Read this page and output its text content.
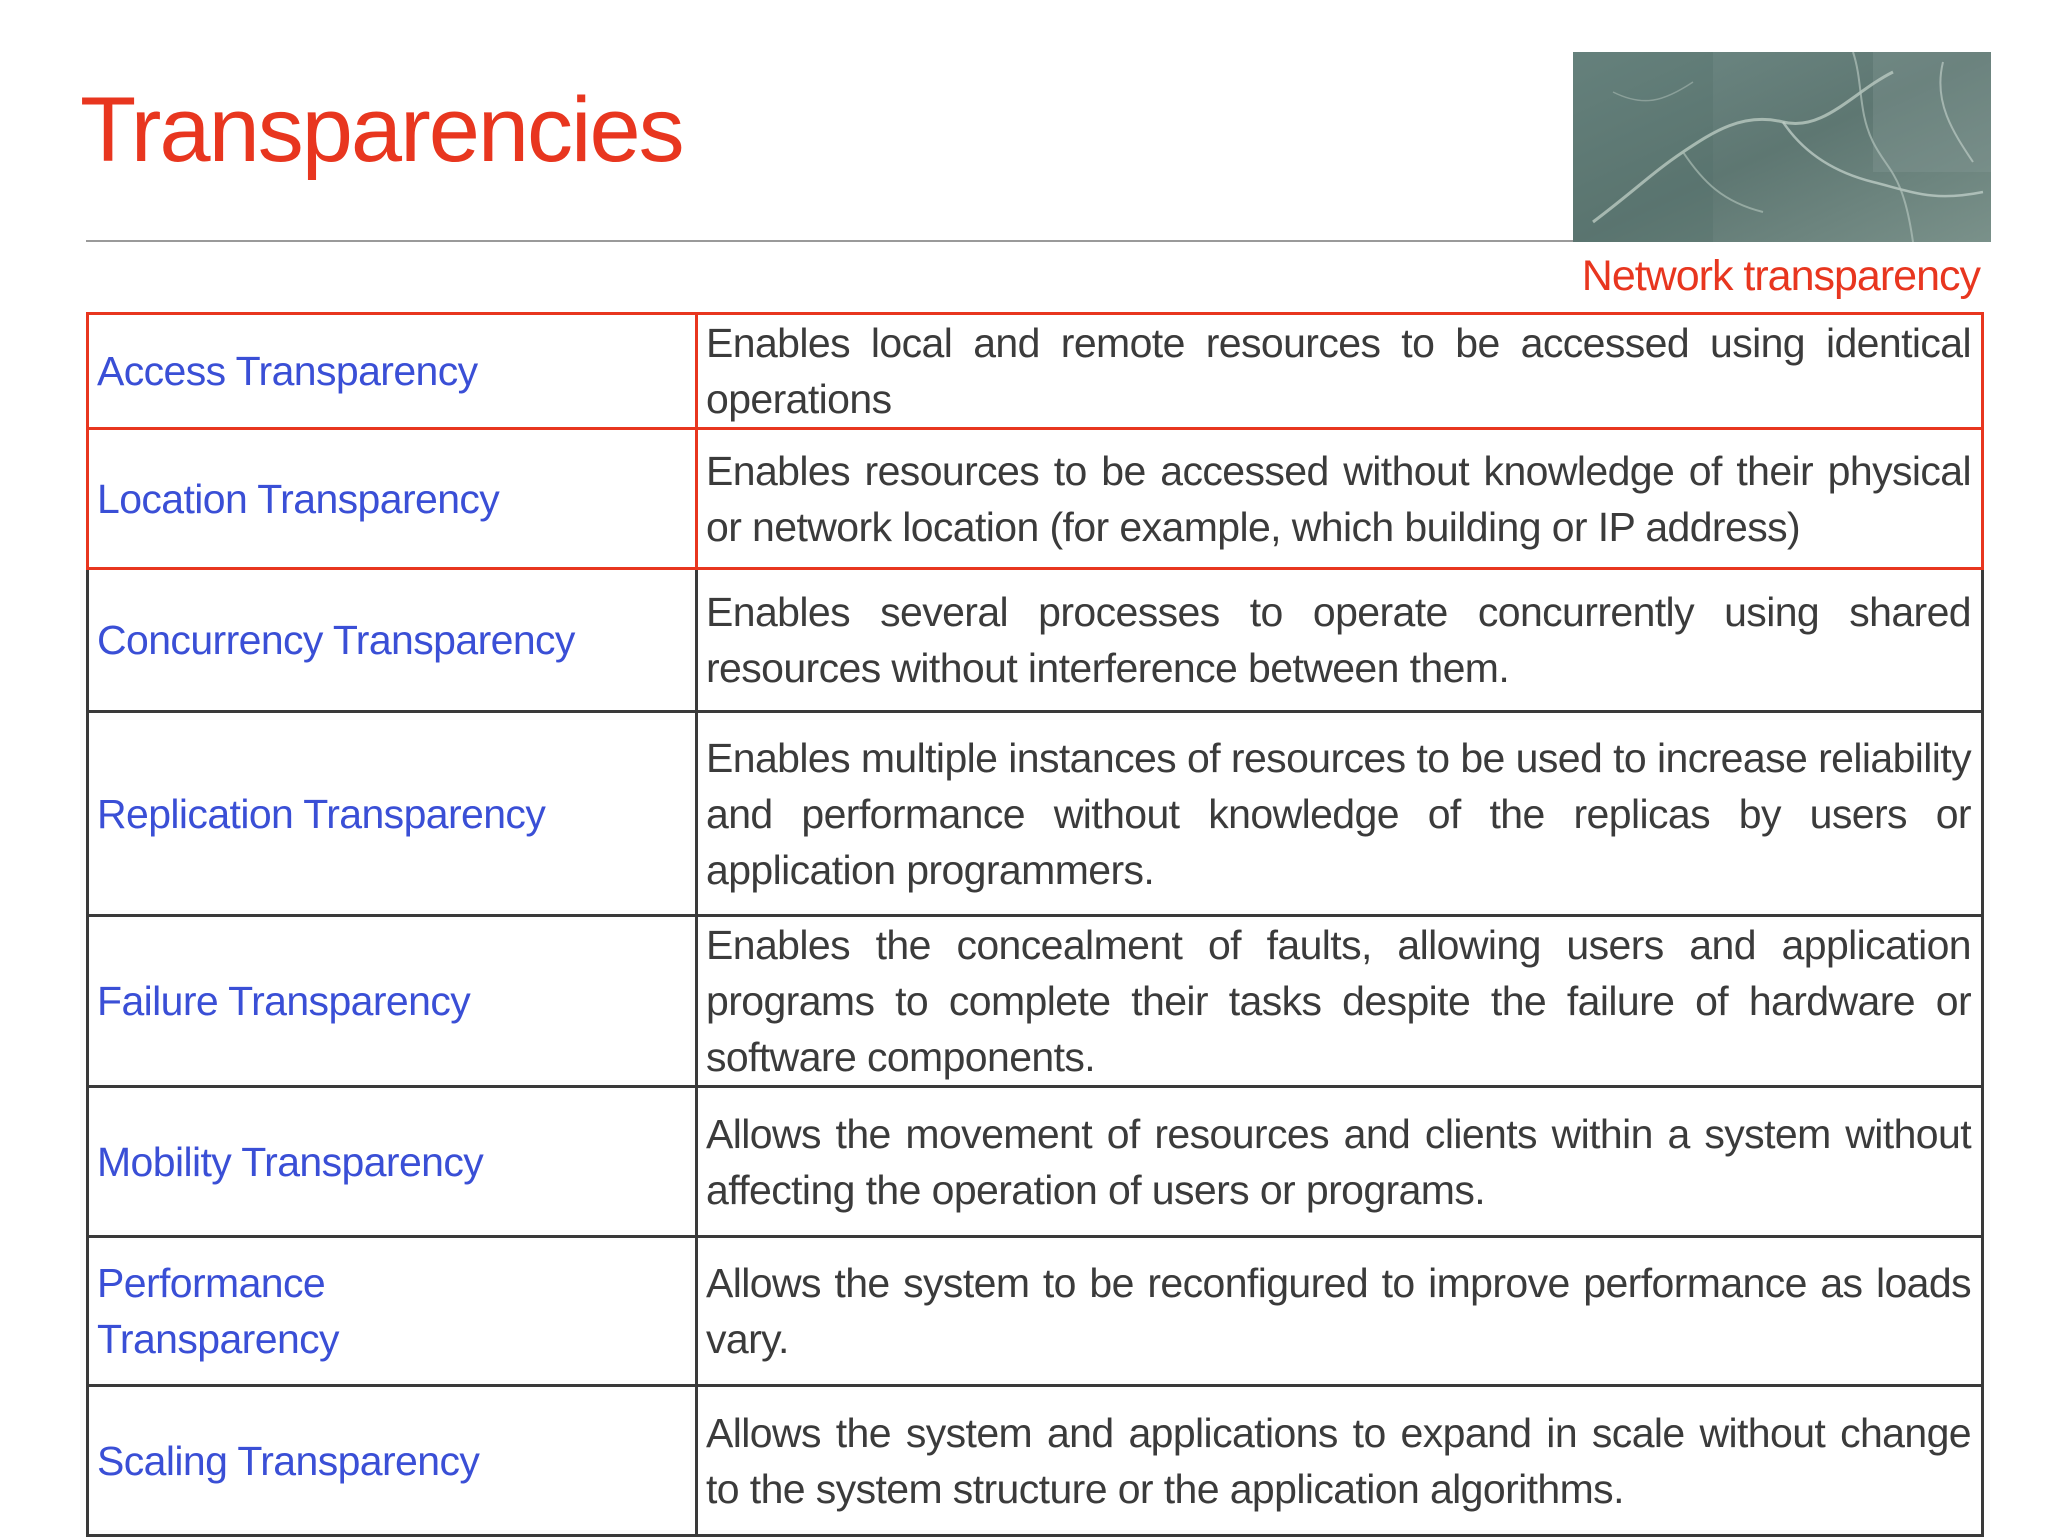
Transparencies
Network transparency
Access Transparency	Enables local and remote resources to be accessed using identical operations
Location Transparency	Enables resources to be accessed without knowledge of their physical or network location (for example, which building or IP address)
Concurrency Transparency	Enables several processes to operate concurrently using shared resources without interference between them.
Replication Transparency	Enables multiple instances of resources to be used to increase reliability and performance without knowledge of the replicas by users or application programmers.
Failure Transparency	Enables the concealment of faults, allowing users and application programs to complete their tasks despite the failure of hardware or software components.
Mobility Transparency	Allows the movement of resources and clients within a system without affecting the operation of users or programs.
Performance Transparency	Allows the system to be reconfigured to improve performance as loads vary.
Scaling Transparency	Allows the system and applications to expand in scale without change to the system structure or the application algorithms.
